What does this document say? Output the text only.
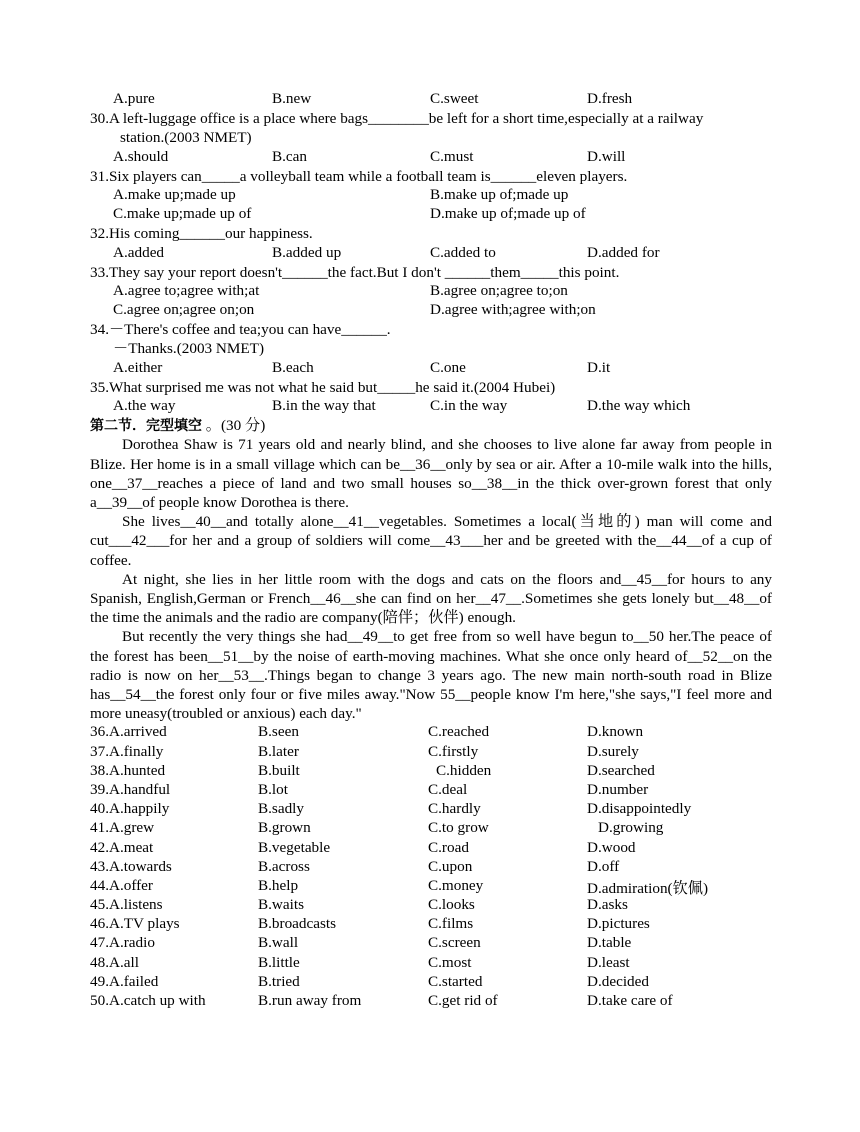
A.pure	B.new	C.sweet	D.fresh
30.A left-luggage office is a place where bags________be left for a short time,especially at a railway
station.(2003 NMET)
A.should	B.can	C.must	D.will
31.Six players can_____a volleyball team while a football team is______eleven players.
A.make up;made up	B.make up of;made up
C.make up;made up of	D.make up of;made up of
32.His coming______our happiness.
A.added	B.added up	C.added to	D.added for
33.They say your report doesn't______the fact.But I don't ______them_____this point.
A.agree to;agree with;at	B.agree on;agree to;on
C.agree on;agree on;on	D.agree with;agree with;on
34.－There's coffee and tea;you can have______.
－Thanks.(2003 NMET)
A.either	B.each	C.one	D.it
35.What surprised me was not what he said but_____he said it.(2004 Hubei)
A.the way	B.in the way that	C.in the way	D.the way which
第二节．完型填空 。(30 分)
Dorothea Shaw is 71 years old and nearly blind, and she chooses to live alone far away from people in Blize. Her home is in a small village which can be__36__only by sea or air. After a 10-mile walk into the hills, one__37__reaches a piece of land and two small houses so__38__in the thick over-grown forest that only a__39__of people know Dorothea is there.
She lives__40__and totally alone__41__vegetables. Sometimes a local(当地的) man will come and cut___42___for her and a group of soldiers will come__43___her and be greeted with the__44__of a cup of coffee.
At night, she lies in her little room with the dogs and cats on the floors and__45__for hours to any Spanish, English,German or French__46__she can find on her__47__.Sometimes she gets lonely but__48__of the time the animals and the radio are company(陪伴；伙伴) enough.
But recently the very things she had__49__to get free from so well have begun to__50 her.The peace of the forest has been__51__by the noise of earth-moving machines. What she once only heard of__52__on the radio is now on her__53__.Things began to change 3 years ago. The new main north-south road in Blize has__54__the forest only four or five miles away."Now 55__people know I'm here,"she says,"I feel more and more uneasy(troubled or anxious) each day."
36.A.arrived	B.seen	C.reached	D.known
37.A.finally	B.later	C.firstly	D.surely
38.A.hunted	B.built	C.hidden	D.searched
39.A.handful	B.lot	C.deal	D.number
40.A.happily	B.sadly	C.hardly	D.disappointedly
41.A.grew	B.grown	C.to grow	D.growing
42.A.meat	B.vegetable	C.road	D.wood
43.A.towards	B.across	C.upon	D.off
44.A.offer	B.help	C.money	D.admiration(钦佩)
45.A.listens	B.waits	C.looks	D.asks
46.A.TV plays	B.broadcasts	C.films	D.pictures
47.A.radio	B.wall	C.screen	D.table
48.A.all	B.little	C.most	D.least
49.A.failed	B.tried	C.started	D.decided
50.A.catch up with	B.run away from	C.get rid of	D.take care of
